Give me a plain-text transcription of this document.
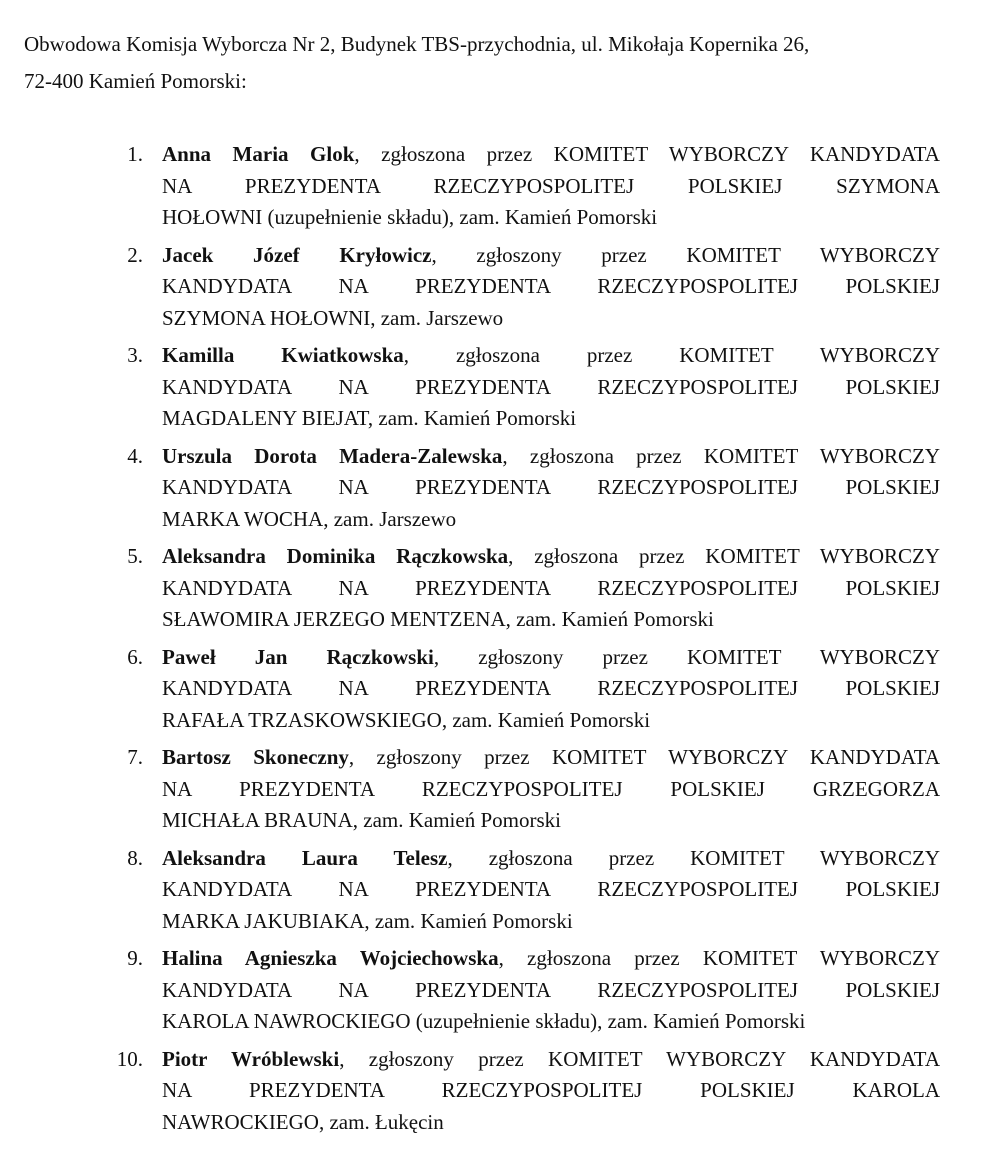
Obwodowa Komisja Wyborcza Nr 2, Budynek TBS-przychodnia, ul. Mikołaja Kopernika 26,
72-400 Kamień Pomorski:

1. Anna Maria Glok, zgłoszona przez KOMITET WYBORCZY KANDYDATA
NA PREZYDENTA RZECZYPOSPOLITEJ POLSKIEJ SZYMONA
HOŁOWNI (uzupełnienie składu), zam. Kamień Pomorski
2. Jacek Józef Kryłowicz, zgłoszony przez KOMITET WYBORCZY
KANDYDATA NA PREZYDENTA RZECZYPOSPOLITEJ POLSKIEJ
SZYMONA HOŁOWNI, zam. Jarszewo
3. Kamilla Kwiatkowska, zgłoszona przez KOMITET WYBORCZY
KANDYDATA NA PREZYDENTA RZECZYPOSPOLITEJ POLSKIEJ
MAGDALENY BIEJAT, zam. Kamień Pomorski
4. Urszula Dorota Madera-Zalewska, zgłoszona przez KOMITET WYBORCZY
KANDYDATA NA PREZYDENTA RZECZYPOSPOLITEJ POLSKIEJ
MARKA WOCHA, zam. Jarszewo
5. Aleksandra Dominika Rączkowska, zgłoszona przez KOMITET WYBORCZY
KANDYDATA NA PREZYDENTA RZECZYPOSPOLITEJ POLSKIEJ
SŁAWOMIRA JERZEGO MENTZENA, zam. Kamień Pomorski
6. Paweł Jan Rączkowski, zgłoszony przez KOMITET WYBORCZY
KANDYDATA NA PREZYDENTA RZECZYPOSPOLITEJ POLSKIEJ
RAFAŁA TRZASKOWSKIEGO, zam. Kamień Pomorski
7. Bartosz Skoneczny, zgłoszony przez KOMITET WYBORCZY KANDYDATA
NA PREZYDENTA RZECZYPOSPOLITEJ POLSKIEJ GRZEGORZA
MICHAŁA BRAUNA, zam. Kamień Pomorski
8. Aleksandra Laura Telesz, zgłoszona przez KOMITET WYBORCZY
KANDYDATA NA PREZYDENTA RZECZYPOSPOLITEJ POLSKIEJ
MARKA JAKUBIAKA, zam. Kamień Pomorski
9. Halina Agnieszka Wojciechowska, zgłoszona przez KOMITET WYBORCZY
KANDYDATA NA PREZYDENTA RZECZYPOSPOLITEJ POLSKIEJ
KAROLA NAWROCKIEGO (uzupełnienie składu), zam. Kamień Pomorski
10. Piotr Wróblewski, zgłoszony przez KOMITET WYBORCZY KANDYDATA
NA PREZYDENTA RZECZYPOSPOLITEJ POLSKIEJ KAROLA
NAWROCKIEGO, zam. Łukęcin
